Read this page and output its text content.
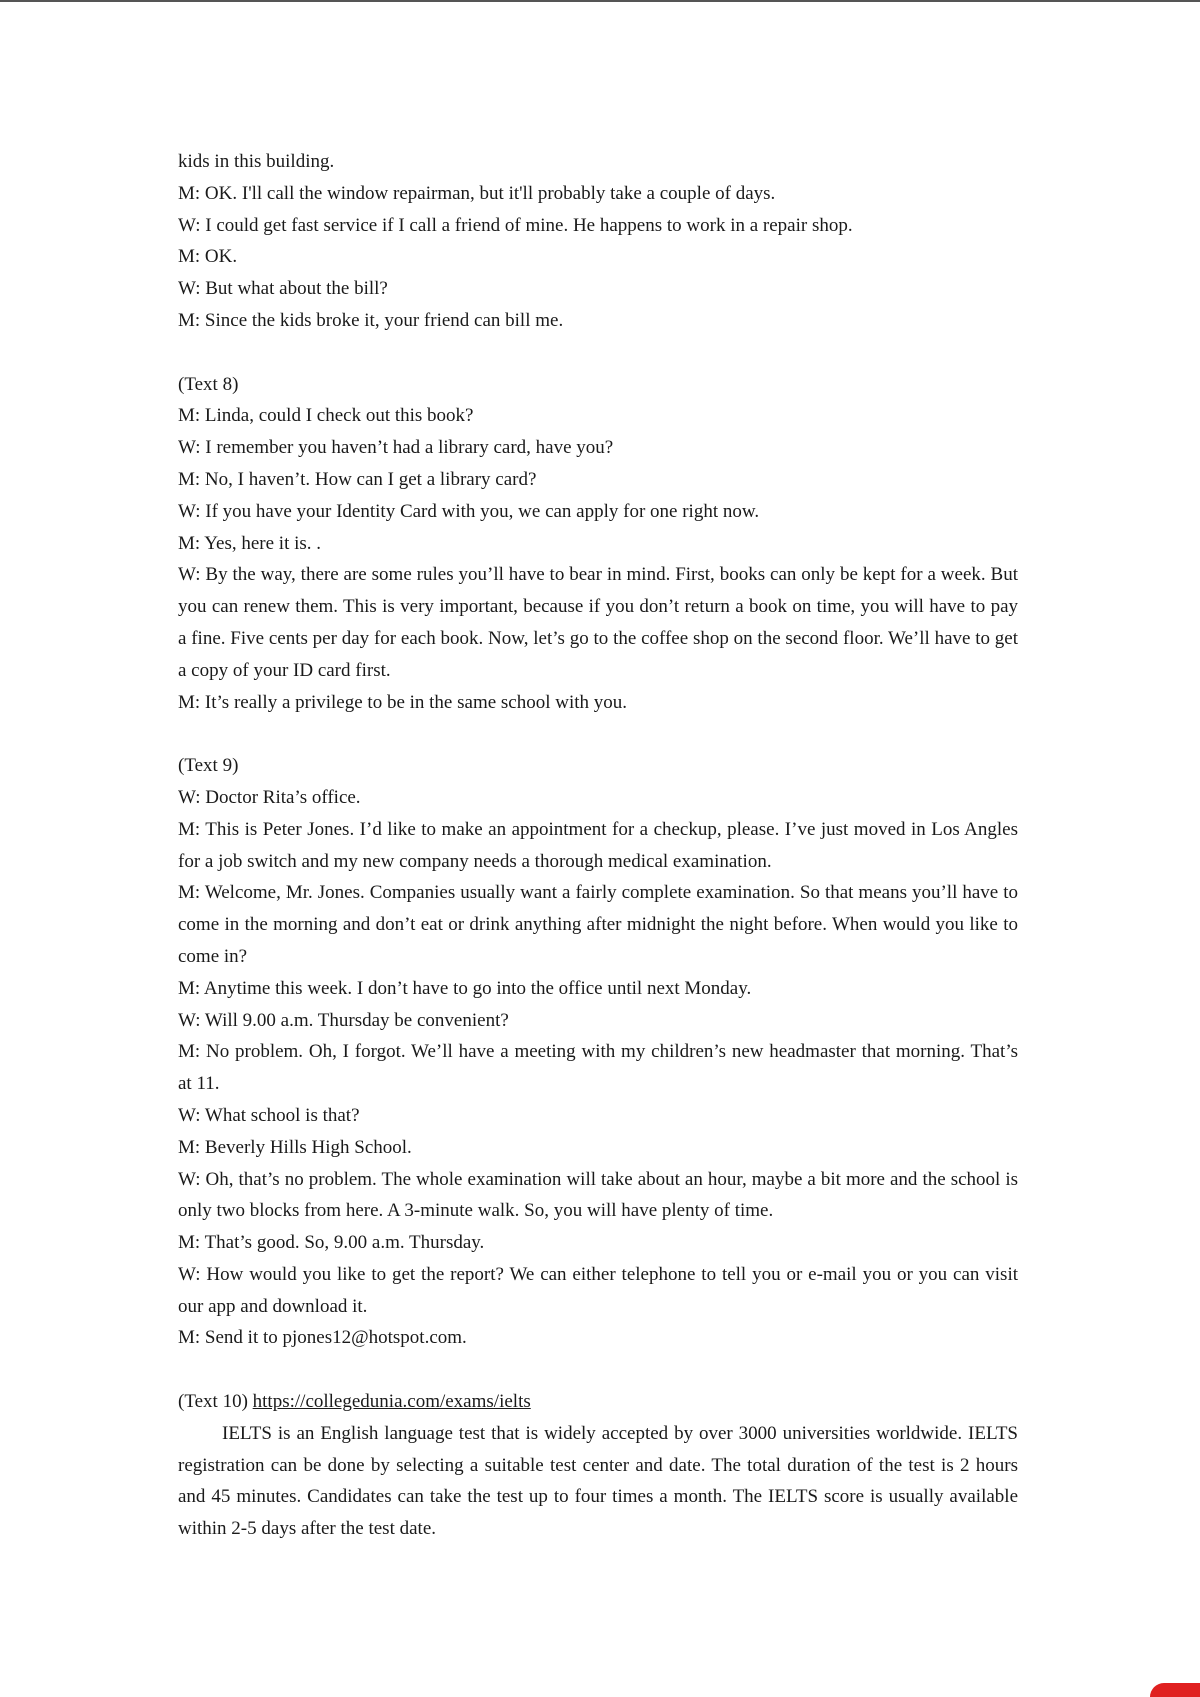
kids in this building.

M: OK. I'll call the window repairman, but it'll probably take a couple of days.

W: I could get fast service if I call a friend of mine. He happens to work in a repair shop.

M: OK.

W: But what about the bill?

M: Since the kids broke it, your friend can bill me.

(Text 8)

M: Linda, could I check out this book?

W: I remember you haven’t had a library card, have you?

M: No, I haven’t. How can I get a library card?

W: If you have your Identity Card with you, we can apply for one right now.

M: Yes, here it is. .

W: By the way, there are some rules you’ll have to bear in mind. First, books can only be kept for a week. But you can renew them. This is very important, because if you don’t return a book on time, you will have to pay a fine. Five cents per day for each book. Now, let’s go to the coffee shop on the second floor. We’ll have to get a copy of your ID card first.

M: It’s really a privilege to be in the same school with you.

(Text 9)

W: Doctor Rita’s office.

M: This is Peter Jones. I’d like to make an appointment for a checkup, please. I’ve just moved in Los Angles for a job switch and my new company needs a thorough medical examination.

M: Welcome, Mr. Jones. Companies usually want a fairly complete examination. So that means you’ll have to come in the morning and don’t eat or drink anything after midnight the night before. When would you like to come in?

M: Anytime this week. I don’t have to go into the office until next Monday.

W: Will 9.00 a.m. Thursday be convenient?

M: No problem. Oh, I forgot. We’ll have a meeting with my children’s new headmaster that morning. That’s at 11.

W: What school is that?

M: Beverly Hills High School.

W: Oh, that’s no problem. The whole examination will take about an hour, maybe a bit more and the school is only two blocks from here. A 3-minute walk. So, you will have plenty of time.

M: That’s good. So, 9.00 a.m. Thursday.

W: How would you like to get the report? We can either telephone to tell you or e-mail you or you can visit our app and download it.

M: Send it to pjones12@hotspot.com.

(Text 10) https://collegedunia.com/exams/ielts

IELTS is an English language test that is widely accepted by over 3000 universities worldwide. IELTS registration can be done by selecting a suitable test center and date. The total duration of the test is 2 hours and 45 minutes. Candidates can take the test up to four times a month. The IELTS score is usually available within 2-5 days after the test date.
